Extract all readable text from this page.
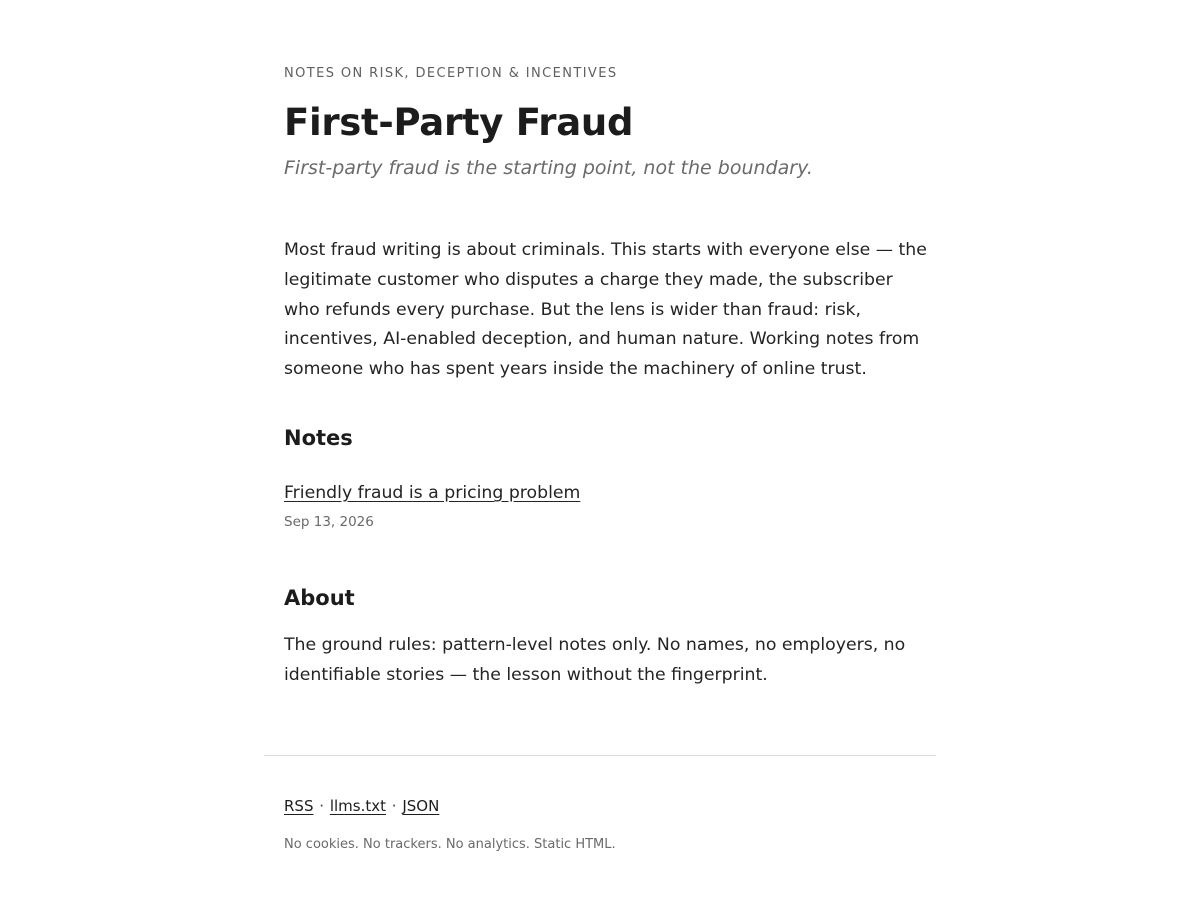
NOTES ON RISK, DECEPTION & INCENTIVES
First-Party Fraud
First-party fraud is the starting point, not the boundary.

Most fraud writing is about criminals. This starts with everyone else — the legitimate customer who disputes a charge they made, the subscriber who refunds every purchase. But the lens is wider than fraud: risk, incentives, AI-enabled deception, and human nature. Working notes from someone who has spent years inside the machinery of online trust.

Notes
Friendly fraud is a pricing problem
Sep 13, 2026
About

The ground rules: pattern-level notes only. No names, no employers, no identifiable stories — the lesson without the fingerprint.

RSS · llms.txt · JSON
No cookies. No trackers. No analytics. Static HTML.
